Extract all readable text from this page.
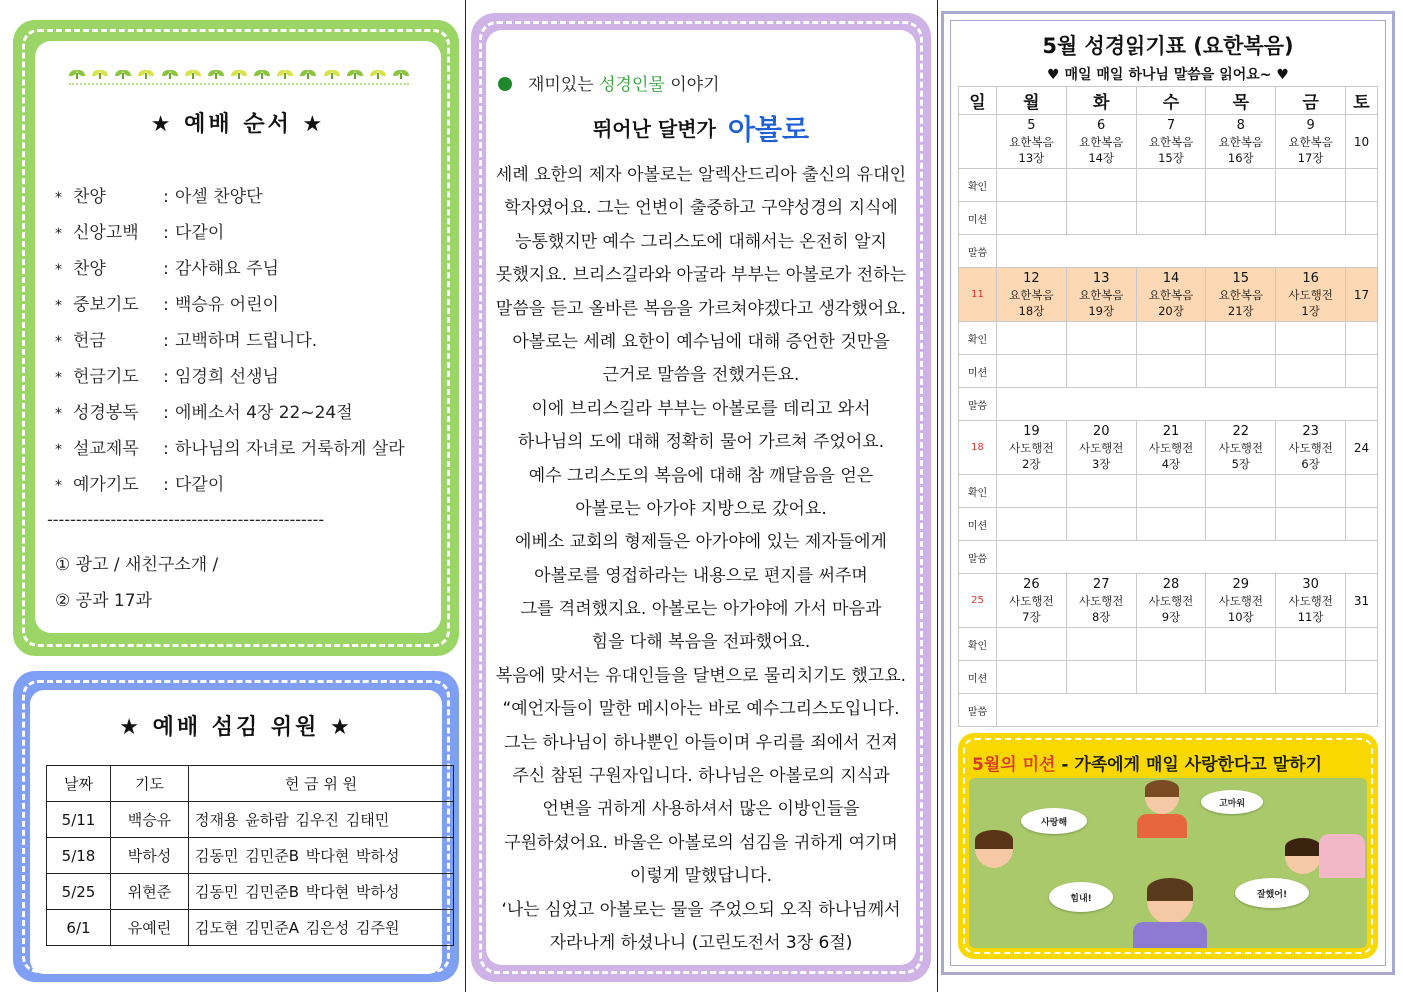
★ 예배 순서 ★
* 찬양	: 아셀 찬양단
* 신앙고백 : 다같이
* 찬양	: 감사해요 주님
* 중보기도 : 백승유 어린이
* 헌금	: 고백하며 드립니다.
* 헌금기도 : 임경희 선생님
* 성경봉독 : 에베소서 4장 22~24절
* 설교제목 : 하나님의 자녀로 거룩하게 살라
* 예가기도 : 다같이
------------------------------------------------
① 광고 / 새친구소개 /
② 공과 17과
★ 예배 섬김 위원 ★
날짜	기도	헌 금 위 원
5/11	백승유	정재용 윤하람 김우진 김태민
5/18	박하성	김동민 김민준B 박다현 박하성
5/25	위현준	김동민 김민준B 박다현 박하성
6/1	유예린	김도현 김민준A 김은성 김주원
재미있는 성경인물 이야기
뛰어난 달변가 아볼로

세례 요한의 제자 아볼로는 알렉산드리아 출신의 유대인

학자였어요. 그는 언변이 출중하고 구약성경의 지식에

능통했지만 예수 그리스도에 대해서는 온전히 알지

못했지요. 브리스길라와 아굴라 부부는 아볼로가 전하는

말씀을 듣고 올바른 복음을 가르쳐야겠다고 생각했어요.

아볼로는 세례 요한이 예수님에 대해 증언한 것만을

근거로 말씀을 전했거든요.

이에 브리스길라 부부는 아볼로를 데리고 와서

하나님의 도에 대해 정확히 물어 가르쳐 주었어요.

예수 그리스도의 복음에 대해 참 깨달음을 얻은

아볼로는 아가야 지방으로 갔어요.

에베소 교회의 형제들은 아가야에 있는 제자들에게

아볼로를 영접하라는 내용으로 편지를 써주며

그를 격려했지요. 아볼로는 아가야에 가서 마음과

힘을 다해 복음을 전파했어요.

복음에 맞서는 유대인들을 달변으로 물리치기도 했고요.

“예언자들이 말한 메시아는 바로 예수그리스도입니다.

그는 하나님이 하나뿐인 아들이며 우리를 죄에서 건져

주신 참된 구원자입니다. 하나님은 아볼로의 지식과

언변을 귀하게 사용하셔서 많은 이방인들을

구원하셨어요. 바울은 아볼로의 섬김을 귀하게 여기며

이렇게 말했답니다.

‘나는 심었고 아볼로는 물을 주었으되 오직 하나님께서

자라나게 하셨나니 (고린도전서 3장 6절)

5월 성경읽기표 (요한복음)
♥ 매일 매일 하나님 말씀을 읽어요~ ♥
일	월	화	수	목	금	토

	5
요한복음
13장	6
요한복음
14장	7
요한복음
15장	8
요한복음
16장	9
요한복음
17장	10
확인						
미션						
말씀						
11	12
요한복음
18장	13
요한복음
19장	14
요한복음
20장	15
요한복음
21장	16
사도행전
1장	17
확인						
미션						
말씀						
18	19
사도행전
2장	20
사도행전
3장	21
사도행전
4장	22
사도행전
5장	23
사도행전
6장	24
확인						
미션						
말씀						
25	26
사도행전
7장	27
사도행전
8장	28
사도행전
9장	29
사도행전
10장	30
사도행전
11장	31
확인						
미션						
말씀						
5월의 미션 - 가족에게 매일 사랑한다고 말하기
사랑해
고마워
힘내!	잘했어!
